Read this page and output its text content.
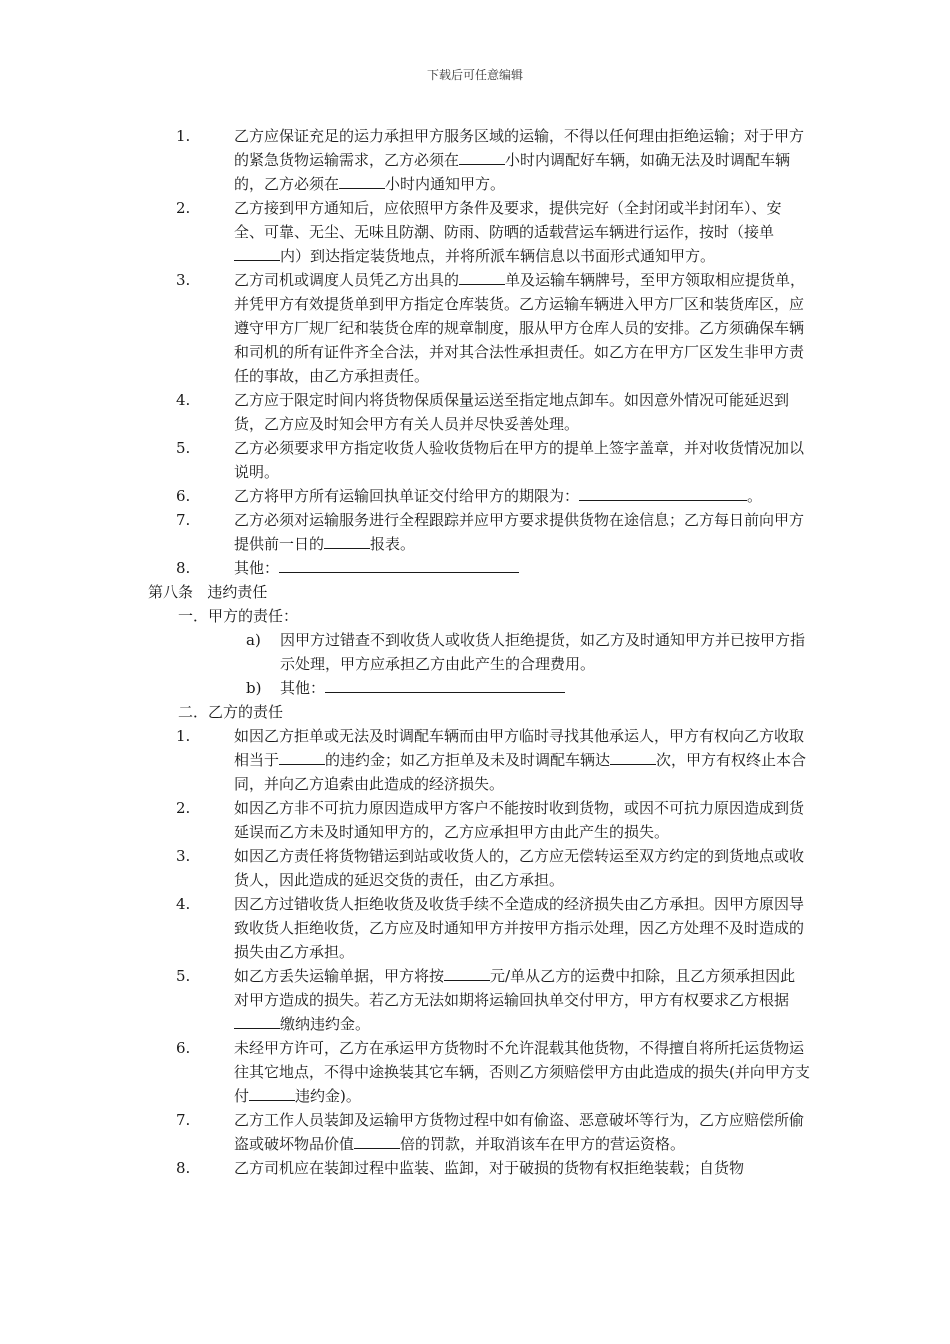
下载后可任意编辑
1.	乙方应保证充足的运力承担甲方服务区域的运输，不得以任何理由拒绝运输；对于甲方的紧急货物运输需求，乙方必须在	小时内调配好车辆，如确无法及时调配车辆的，乙方必须在	小时内通知甲方。
2.	乙方接到甲方通知后，应依照甲方条件及要求，提供完好（全封闭或半封闭车）、安全、可靠、无尘、无味且防潮、防雨、防晒的适载营运车辆进行运作，按时（接单内）到达指定装货地点，并将所派车辆信息以书面形式通知甲方。
3.	乙方司机或调度人员凭乙方出具的	单及运输车辆牌号，至甲方领取相应提货单，并凭甲方有效提货单到甲方指定仓库装货。乙方运输车辆进入甲方厂区和装货库区，应遵守甲方厂规厂纪和装货仓库的规章制度，服从甲方仓库人员的安排。乙方须确保车辆和司机的所有证件齐全合法，并对其合法性承担责任。如乙方在甲方厂区发生非甲方责任的事故，由乙方承担责任。
4.	乙方应于限定时间内将货物保质保量运送至指定地点卸车。如因意外情况可能延迟到货，乙方应及时知会甲方有关人员并尽快妥善处理。
5.	乙方必须要求甲方指定收货人验收货物后在甲方的提单上签字盖章，并对收货情况加以说明。
6.	乙方将甲方所有运输回执单证交付给甲方的期限为：	。
7.	乙方必须对运输服务进行全程跟踪并应甲方要求提供货物在途信息；乙方每日前向甲方提供前一日的	报表。
8.	其他：
第八条 违约责任
一．甲方的责任：
a) 因甲方过错查不到收货人或收货人拒绝提货，如乙方及时通知甲方并已按甲方指示处理，甲方应承担乙方由此产生的合理费用。
b) 其他：
二．乙方的责任
1.	如因乙方拒单或无法及时调配车辆而由甲方临时寻找其他承运人，甲方有权向乙方收取相当于	的违约金；如乙方拒单及未及时调配车辆达	次，甲方有权终止本合同，并向乙方追索由此造成的经济损失。
2.	如因乙方非不可抗力原因造成甲方客户不能按时收到货物，或因不可抗力原因造成到货延误而乙方未及时通知甲方的，乙方应承担甲方由此产生的损失。
3.	如因乙方责任将货物错运到站或收货人的，乙方应无偿转运至双方约定的到货地点或收货人，因此造成的延迟交货的责任，由乙方承担。
4.	因乙方过错收货人拒绝收货及收货手续不全造成的经济损失由乙方承担。因甲方原因导致收货人拒绝收货，乙方应及时通知甲方并按甲方指示处理，因乙方处理不及时造成的损失由乙方承担。
5.	如乙方丢失运输单据，甲方将按	元/单从乙方的运费中扣除，且乙方须承担因此对甲方造成的损失。若乙方无法如期将运输回执单交付甲方，甲方有权要求乙方根据缴纳违约金。
6.	未经甲方许可，乙方在承运甲方货物时不允许混载其他货物，不得擅自将所托运货物运往其它地点，不得中途换装其它车辆，否则乙方须赔偿甲方由此造成的损失(并向甲方支付	违约金)。
7.	乙方工作人员装卸及运输甲方货物过程中如有偷盗、恶意破坏等行为，乙方应赔偿所偷盗或破坏物品价值	倍的罚款，并取消该车在甲方的营运资格。
8.	乙方司机应在装卸过程中监装、监卸，对于破损的货物有权拒绝装载；自货物
